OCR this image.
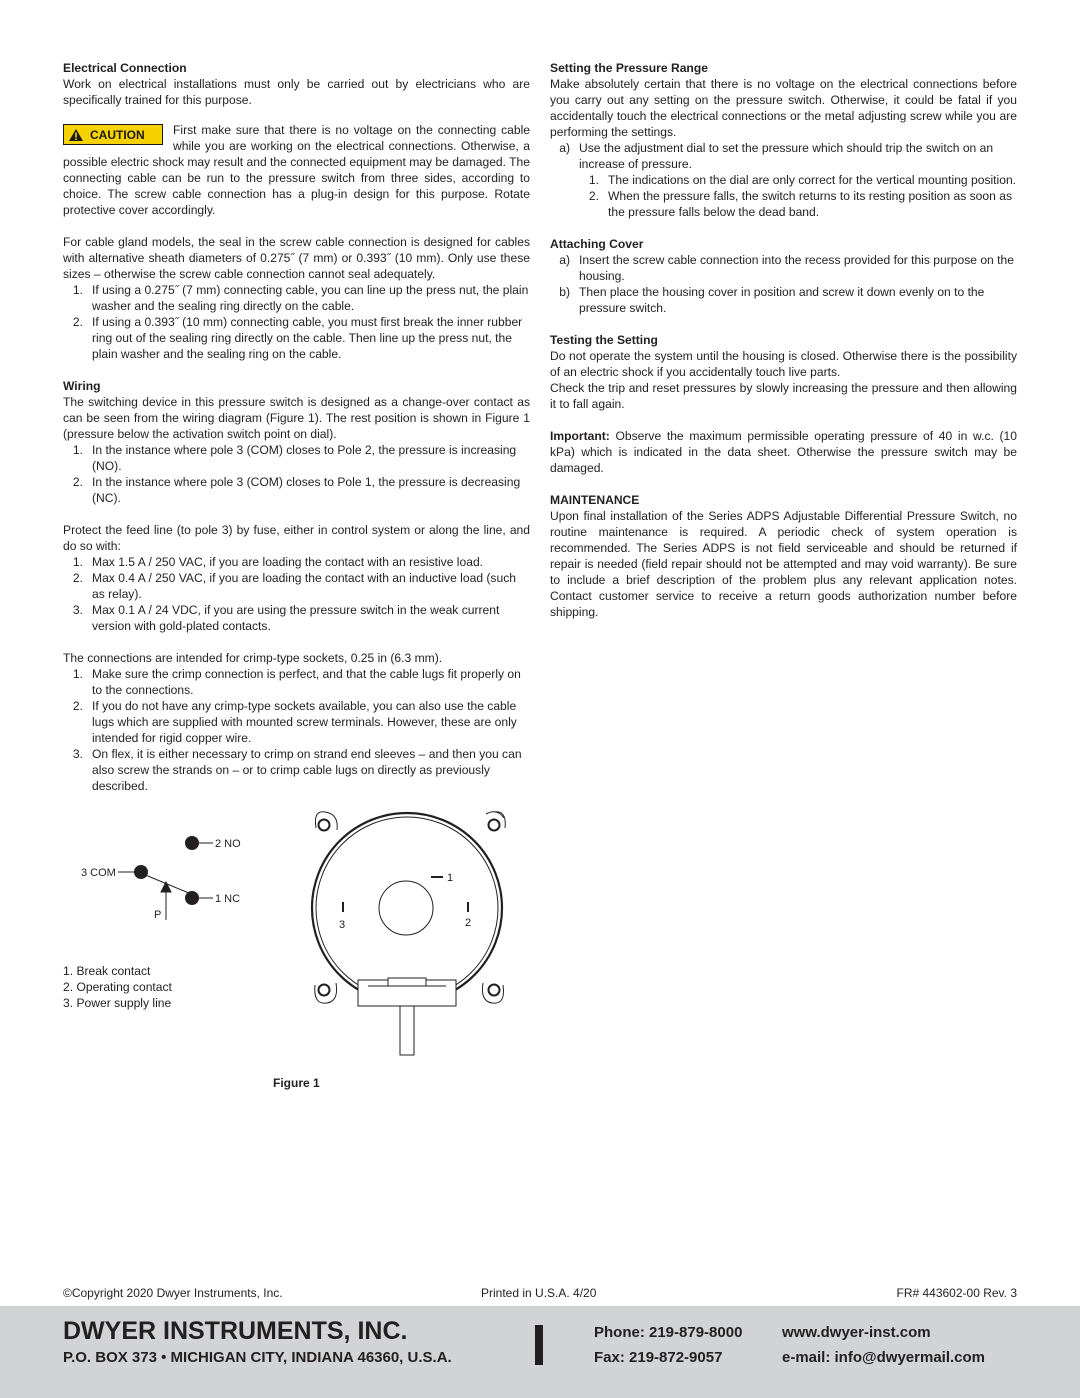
Electrical Connection

Work on electrical installations must only be carried out by electricians who are specifically trained for this purpose.

CAUTION	First make sure that there is no voltage on the connecting cable while you are working on the electrical connections. Otherwise, a possible electric shock may result and the connected equipment may be damaged. The connecting cable can be run to the pressure switch from three sides, according to choice. The screw cable connection has a plug-in design for this purpose. Rotate protective cover accordingly.

For cable gland models, the seal in the screw cable connection is designed for cables with alternative sheath diameters of 0.275˝ (7 mm) or 0.393˝ (10 mm). Only use these sizes – otherwise the screw cable connection cannot seal adequately.

1. If using a 0.275˝ (7 mm) connecting cable, you can line up the press nut, the plain washer and the sealing ring directly on the cable.
2. If using a 0.393˝ (10 mm) connecting cable, you must first break the inner rubber ring out of the sealing ring directly on the cable. Then line up the press nut, the plain washer and the sealing ring on the cable.
Wiring

The switching device in this pressure switch is designed as a change-over contact as can be seen from the wiring diagram (Figure 1). The rest position is shown in Figure 1 (pressure below the activation switch point on dial).

1. In the instance where pole 3 (COM) closes to Pole 2, the pressure is increasing (NO).
2. In the instance where pole 3 (COM) closes to Pole 1, the pressure is decreasing (NC).

Protect the feed line (to pole 3) by fuse, either in control system or along the line, and do so with:

1. Max 1.5 A / 250 VAC, if you are loading the contact with an resistive load.
2. Max 0.4 A / 250 VAC, if you are loading the contact with an inductive load (such as relay).
3. Max 0.1 A / 24 VDC, if you are using the pressure switch in the weak current version with gold-plated contacts.

The connections are intended for crimp-type sockets, 0.25 in (6.3 mm).

1. Make sure the crimp connection is perfect, and that the cable lugs fit properly on to the connections.
2. If you do not have any crimp-type sockets available, you can also use the cable lugs which are supplied with mounted screw terminals. However, these are only intended for rigid copper wire.
3. On flex, it is either necessary to crimp on strand end sleeves – and then you can also screw the strands on – or to crimp cable lugs on directly as previously described.
Setting the Pressure Range

Make absolutely certain that there is no voltage on the electrical connections before you carry out any setting on the pressure switch. Otherwise, it could be fatal if you accidentally touch the electrical connections or the metal adjusting screw while you are performing the settings.

a) Use the adjustment dial to set the pressure which should trip the switch on an increase of pressure.
1. The indications on the dial are only correct for the vertical mounting position.
2. When the pressure falls, the switch returns to its resting position as soon as the pressure falls below the dead band.
Attaching Cover
a) Insert the screw cable connection into the recess provided for this purpose on the housing.
b) Then place the housing cover in position and screw it down evenly on to the pressure switch.
Testing the Setting

Do not operate the system until the housing is closed. Otherwise there is the possibility of an electric shock if you accidentally touch live parts.

Check the trip and reset pressures by slowly increasing the pressure and then allowing it to fall again.

Important: Observe the maximum permissible operating pressure of 40 in w.c. (10 kPa) which is indicated in the data sheet. Otherwise the pressure switch may be damaged.

MAINTENANCE

Upon final installation of the Series ADPS Adjustable Differential Pressure Switch, no routine maintenance is required. A periodic check of system operation is recommended. The Series ADPS is not field serviceable and should be returned if repair is needed (field repair should not be attempted and may void warranty). Be sure to include a brief description of the problem plus any relevant application notes. Contact customer service to receive a return goods authorization number before shipping.

2 NO
3 COM
1 NC
P
1
2
3
1. Break contact
2. Operating contact
3. Power supply line
Figure 1
©Copyright 2020 Dwyer Instruments, Inc.	Printed in U.S.A. 4/20	FR# 443602-00 Rev. 3
DWYER INSTRUMENTS, INC.
P.O. BOX 373 • MICHIGAN CITY, INDIANA 46360, U.S.A.
Phone: 219-879-8000
Fax: 219-872-9057
www.dwyer-inst.com
e-mail: info@dwyermail.com
